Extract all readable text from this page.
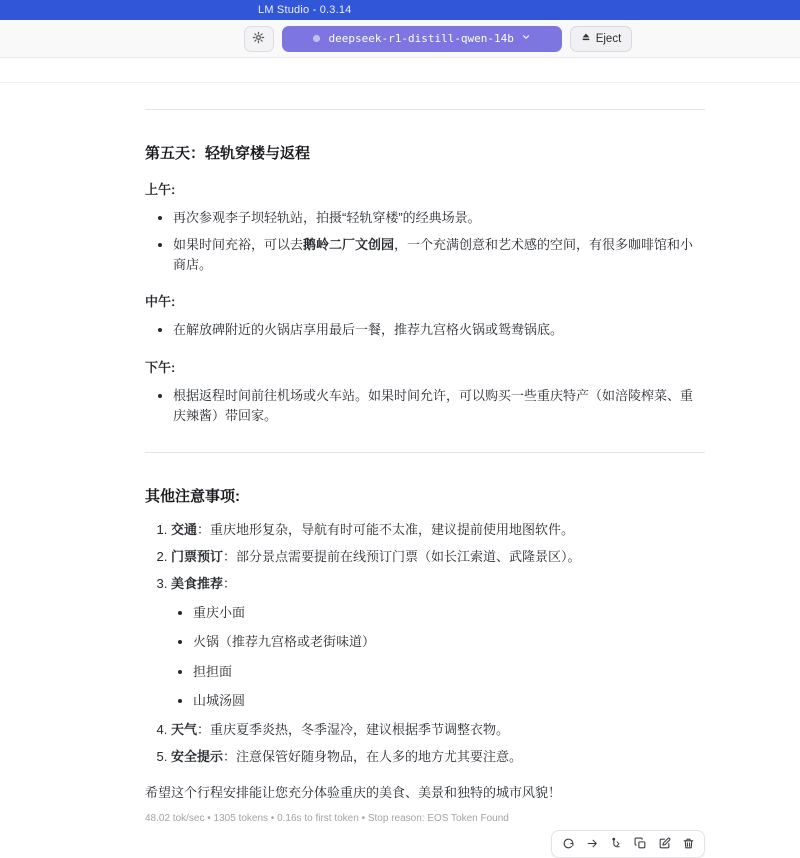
LM Studio - 0.3.14
deepseek-r1-distill-qwen-14b	Eject
第五天：轻轨穿楼与返程

上午:

• 再次参观李子坝轻轨站，拍摄“轻轨穿楼”的经典场景。
• 如果时间充裕，可以去鹅岭二厂文创园，一个充满创意和艺术感的空间，有很多咖啡馆和小商店。

中午:

• 在解放碑附近的火锅店享用最后一餐，推荐九宫格火锅或鸳鸯锅底。

下午:

• 根据返程时间前往机场或火车站。如果时间允许，可以购买一些重庆特产（如涪陵榨菜、重庆辣酱）带回家。
其他注意事项:
1. 交通：重庆地形复杂，导航有时可能不太准，建议提前使用地图软件。
2. 门票预订：部分景点需要提前在线预订门票（如长江索道、武隆景区）。
3. 美食推荐：
• 重庆小面
• 火锅（推荐九宫格或老街味道）
• 担担面
• 山城汤圆
4. 天气：重庆夏季炎热，冬季湿冷，建议根据季节调整衣物。
5. 安全提示：注意保管好随身物品，在人多的地方尤其要注意。

希望这个行程安排能让您充分体验重庆的美食、美景和独特的城市风貌！

48.02 tok/sec • 1305 tokens • 0.16s to first token • Stop reason: EOS Token Found
